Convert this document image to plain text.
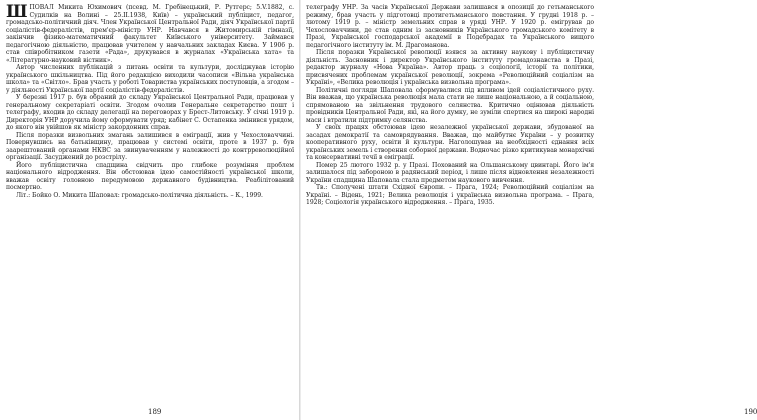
ШПОВАЛ Микита Юхимович (псевд. М. Гребінецький, Р. Рутгерс; 5.V.1882, с. Судилків на Волині – 25.II.1938, Київ) – український публіцист, педагог, громадсько-політичний діяч. Член Української Центральної Ради, діяч Української партії соціалістів-федералістів, прем'єр-міністр УНР. Навчався в Житомирській гімназії, закінчив фізико-математичний факультет Київського університету. Займався педагогічною діяльністю, працював учителем у навчальних закладах Києва. У 1906 р. став співробітником газети «Рада», друкувався в журналах «Українська хата» та «Літературно-науковий вістник».

Автор численних публікацій з питань освіти та культури, досліджував історію українського шкільництва. Під його редакцією виходили часописи «Вільна українська школа» та «Світло». Брав участь у роботі Товариства українських поступовців, а згодом – у діяльності Української партії соціалістів-федералістів.

У березні 1917 р. був обраний до складу Української Центральної Ради, працював у генеральному секретаріаті освіти. Згодом очолив Генеральне секретарство пошт і телеграфу, входив до складу делегації на переговорах у Брест-Литовську. У січні 1919 р. Директорія УНР доручила йому сформувати уряд; кабінет С. Остапенка змінився урядом, до якого він увійшов як міністр закордонних справ.

Після поразки визвольних змагань залишився в еміграції, жив у Чехословаччині. Повернувшись на батьківщину, працював у системі освіти, проте в 1937 р. був заарештований органами НКВС за звинуваченням у належності до контрреволюційної організації. Засуджений до розстрілу.

Його публіцистична спадщина свідчить про глибоке розуміння проблем національного відродження. Він обстоював ідею самостійності української школи, вважав освіту головною передумовою державного будівництва. Реабілітований посмертно.

Літ.: Бойко О. Микита Шаповал: громадсько-політична діяльність. – К., 1999.

189

телеграфу УНР. За часів Української Держави залишався в опозиції до гетьманського режиму, брав участь у підготовці протигетьманського повстання. У грудні 1918 р. – лютому 1919 р. – міністр земельних справ в уряді УНР. У 1920 р. емігрував до Чехословаччини, де став одним із засновників Українського громадського комітету в Празі, Української господарської академії в Подєбрадах та Українського вищого педагогічного інституту ім. М. Драгоманова.

Після поразки Української революції взявся за активну наукову і публіцистичну діяльність. Засновник і директор Українського інституту громадознавства в Празі, редактор журналу «Нова Україна». Автор праць з соціології, історії та політики, присвячених проблемам української революції, зокрема «Революційний соціалізм на Україні», «Велика революція і українська визвольна програма».

Політичні погляди Шаповала сформувалися під впливом ідей соціалістичного руху. Він вважав, що українська революція мала стати не лише національною, а й соціальною, спрямованою на звільнення трудового селянства. Критично оцінював діяльність провідників Центральної Ради, які, на його думку, не зуміли спертися на широкі народні маси і втратили підтримку селянства.

У своїх працях обстоював ідею незалежної української держави, збудованої на засадах демократії та самоврядування. Вважав, що майбутнє України – у розвитку кооперативного руху, освіти й культури. Наголошував на необхідності єднання всіх українських земель і створення соборної держави. Водночас різко критикував монархічні та консервативні течії в еміграції.

Помер 25 лютого 1932 р. у Празі. Похований на Ольшанському цвинтарі. Його ім'я залишалося під забороною в радянський період, і лише після відновлення незалежності України спадщина Шаповала стала предметом наукового вивчення.

Тв.: Сполучені штати Східної Європи. – Прага, 1924; Революційний соціалізм на Україні. – Відень, 1921; Велика революція і українська визвольна програма. – Прага, 1928; Соціологія українського відродження. – Прага, 1935.

190
